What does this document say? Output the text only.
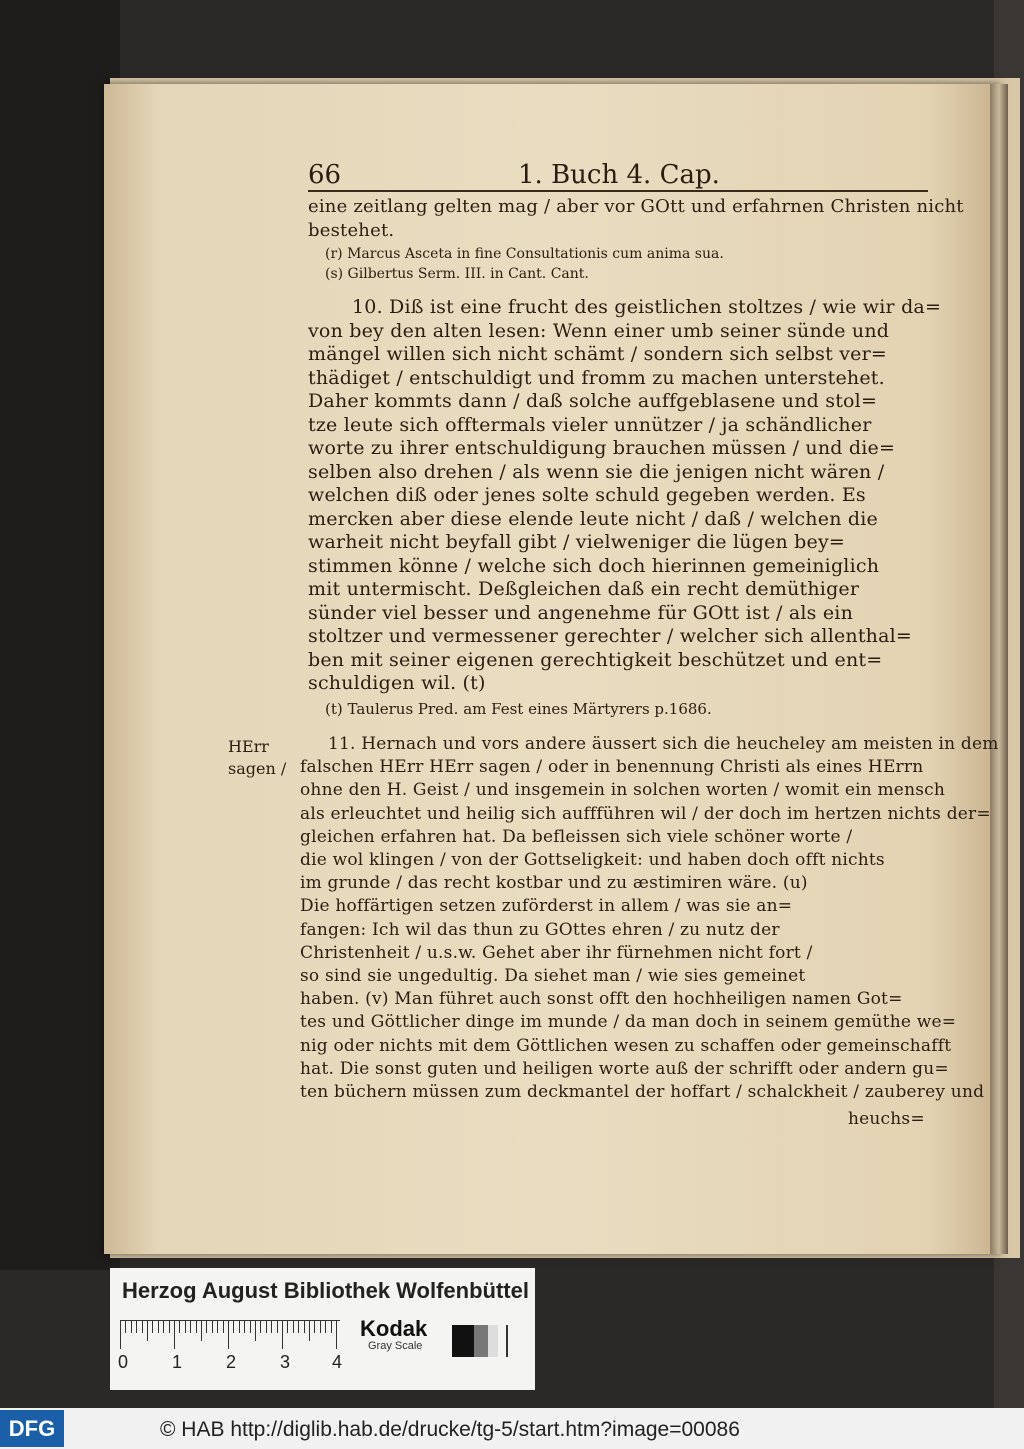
66	1. Buch 4. Cap.
eine zeitlang gelten mag / aber vor GOtt und erfahrnen Christen nicht
bestehet.
(r) Marcus Asceta in fine Consultationis cum anima sua.
(s) Gilbertus Serm. III. in Cant. Cant.
10. Diß ist eine frucht des geistlichen stoltzes / wie wir da=
von bey den alten lesen: Wenn einer umb seiner sünde und
mängel willen sich nicht schämt / sondern sich selbst ver=
thädiget / entschuldigt und fromm zu machen unterstehet.
Daher kommts dann / daß solche auffgeblasene und stol=
tze leute sich offtermals vieler unnützer / ja schändlicher
worte zu ihrer entschuldigung brauchen müssen / und die=
selben also drehen / als wenn sie die jenigen nicht wären /
welchen diß oder jenes solte schuld gegeben werden. Es
mercken aber diese elende leute nicht / daß / welchen die
warheit nicht beyfall gibt / vielweniger die lügen bey=
stimmen könne / welche sich doch hierinnen gemeiniglich
mit untermischt. Deßgleichen daß ein recht demüthiger
sünder viel besser und angenehme für GOtt ist / als ein
stoltzer und vermessener gerechter / welcher sich allenthal=
ben mit seiner eigenen gerechtigkeit beschützet und ent=
schuldigen wil. (t)
(t) Taulerus Pred. am Fest eines Märtyrers p.1686.
HErr
sagen /
11. Hernach und vors andere äussert sich die heucheley am meisten in dem
falschen HErr HErr sagen / oder in benennung Christi als eines HErrn
ohne den H. Geist / und insgemein in solchen worten / womit ein mensch
als erleuchtet und heilig sich auffführen wil / der doch im hertzen nichts der=
gleichen erfahren hat. Da befleissen sich viele schöner worte /
die wol klingen / von der Gottseligkeit: und haben doch offt nichts
im grunde / das recht kostbar und zu æstimiren wäre. (u)
Die hoffärtigen setzen zuförderst in allem / was sie an=
fangen: Ich wil das thun zu GOttes ehren / zu nutz der
Christenheit / u.s.w. Gehet aber ihr fürnehmen nicht fort /
so sind sie ungedultig. Da siehet man / wie sies gemeinet
haben. (v) Man führet auch sonst offt den hochheiligen namen Got=
tes und Göttlicher dinge im munde / da man doch in seinem gemüthe we=
nig oder nichts mit dem Göttlichen wesen zu schaffen oder gemeinschafft
hat. Die sonst guten und heiligen worte auß der schrifft oder andern gu=
ten büchern müssen zum deckmantel der hoffart / schalckheit / zauberey und
heuchs=
Herzog August Bibliothek Wolfenbüttel
0 1 2 3 4
Kodak
Gray Scale
DFG	© HAB http://diglib.hab.de/drucke/tg-5/start.htm?image=00086
